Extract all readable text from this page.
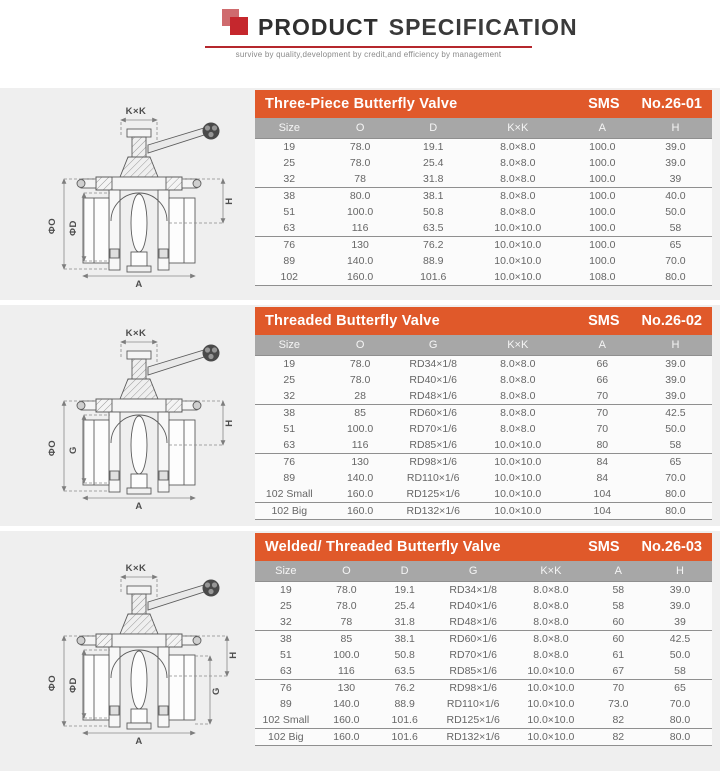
PRODUCT SPECIFICATION
survive by quality,development by credit,and efficiency by management
K×K
ΦO ΦD
H
A
Three-Piece Butterfly Valve	SMS No.26-01
Size	O	D	K×K	A	H
19	78.0	19.1	8.0×8.0	100.0	39.0
25	78.0	25.4	8.0×8.0	100.0	39.0
32	78	31.8	8.0×8.0	100.0	39
38	80.0	38.1	8.0×8.0	100.0	40.0
51	100.0	50.8	8.0×8.0	100.0	50.0
63	116	63.5	10.0×10.0	100.0	58
76	130	76.2	10.0×10.0	100.0	65
89	140.0	88.9	10.0×10.0	100.0	70.0
102	160.0	101.6	10.0×10.0	108.0	80.0
K×K
ΦO G
H
A
Threaded Butterfly Valve	SMS No.26-02
Size	O	G	K×K	A	H
19	78.0	RD34×1/8	8.0×8.0	66	39.0
25	78.0	RD40×1/6	8.0×8.0	66	39.0
32	28	RD48×1/6	8.0×8.0	70	39.0
38	85	RD60×1/6	8.0×8.0	70	42.5
51	100.0	RD70×1/6	8.0×8.0	70	50.0
63	116	RD85×1/6	10.0×10.0	80	58
76	130	RD98×1/6	10.0×10.0	84	65
89	140.0	RD110×1/6	10.0×10.0	84	70.0
102 Small	160.0	RD125×1/6	10.0×10.0	104	80.0
102 Big	160.0	RD132×1/6	10.0×10.0	104	80.0
K×K
ΦO ΦD
H
G
A
Welded/ Threaded Butterfly Valve	SMS No.26-03
Size	O	D	G	K×K	A	H
19	78.0	19.1	RD34×1/8	8.0×8.0	58	39.0
25	78.0	25.4	RD40×1/6	8.0×8.0	58	39.0
32	78	31.8	RD48×1/6	8.0×8.0	60	39
38	85	38.1	RD60×1/6	8.0×8.0	60	42.5
51	100.0	50.8	RD70×1/6	8.0×8.0	61	50.0
63	116	63.5	RD85×1/6	10.0×10.0	67	58
76	130	76.2	RD98×1/6	10.0×10.0	70	65
89	140.0	88.9	RD110×1/6	10.0×10.0	73.0	70.0
102 Small	160.0	101.6	RD125×1/6	10.0×10.0	82	80.0
102 Big	160.0	101.6	RD132×1/6	10.0×10.0	82	80.0
